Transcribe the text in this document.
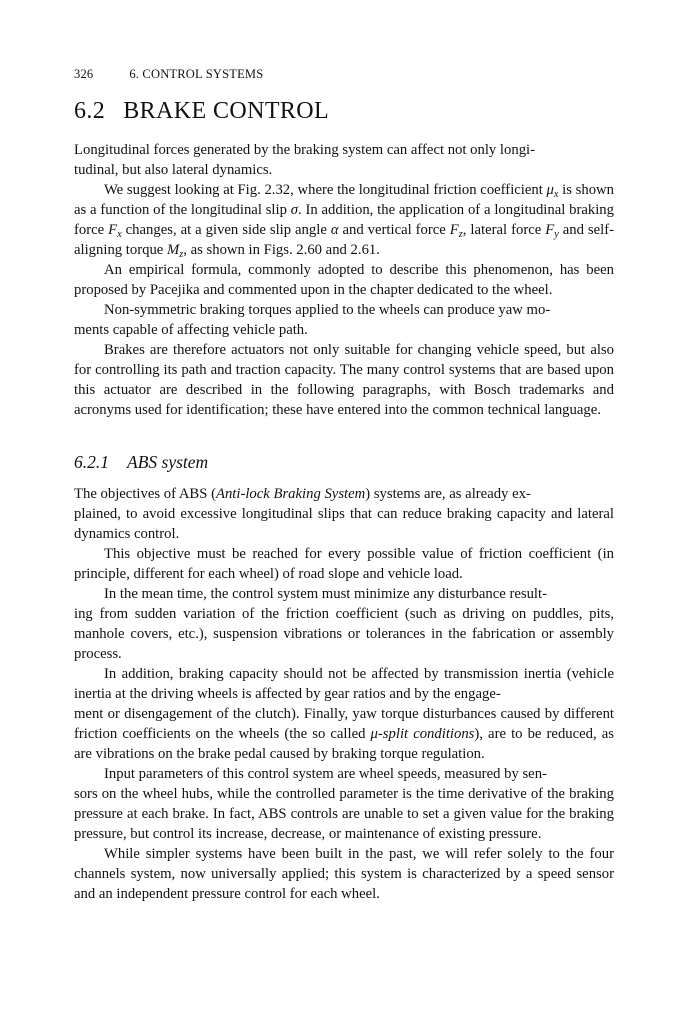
326	6. CONTROL SYSTEMS
6.2 BRAKE CONTROL

Longitudinal forces generated by the braking system can affect not only longi-
tudinal, but also lateral dynamics.

We suggest looking at Fig. 2.32, where the longitudinal friction coefficient $\mu_x$ is shown as a function of the longitudinal slip σ. In addition, the application of a longitudinal braking force $F_x$ changes, at a given side slip angle α and vertical force $F_z$, lateral force $F_y$ and self-aligning torque $M_z$, as shown in Figs. 2.60 and 2.61.

An empirical formula, commonly adopted to describe this phenomenon, has been proposed by Pacejika and commented upon in the chapter dedicated to the wheel.

Non-symmetric braking torques applied to the wheels can produce yaw mo-
ments capable of affecting vehicle path.

Brakes are therefore actuators not only suitable for changing vehicle speed, but also for controlling its path and traction capacity. The many control systems that are based upon this actuator are described in the following paragraphs, with Bosch trademarks and acronyms used for identification; these have entered into the common technical language.

6.2.1 ABS system

The objectives of ABS (Anti-lock Braking System) systems are, as already ex-
plained, to avoid excessive longitudinal slips that can reduce braking capacity and lateral dynamics control.

This objective must be reached for every possible value of friction coefficient (in principle, different for each wheel) of road slope and vehicle load.

In the mean time, the control system must minimize any disturbance result-
ing from sudden variation of the friction coefficient (such as driving on puddles, pits, manhole covers, etc.), suspension vibrations or tolerances in the fabrication or assembly process.

In addition, braking capacity should not be affected by transmission inertia (vehicle inertia at the driving wheels is affected by gear ratios and by the engage-
ment or disengagement of the clutch). Finally, yaw torque disturbances caused by different friction coefficients on the wheels (the so called μ-split conditions), are to be reduced, as are vibrations on the brake pedal caused by braking torque regulation.

Input parameters of this control system are wheel speeds, measured by sen-
sors on the wheel hubs, while the controlled parameter is the time derivative of the braking pressure at each brake. In fact, ABS controls are unable to set a given value for the braking pressure, but control its increase, decrease, or maintenance of existing pressure.

While simpler systems have been built in the past, we will refer solely to the four channels system, now universally applied; this system is characterized by a speed sensor and an independent pressure control for each wheel.
